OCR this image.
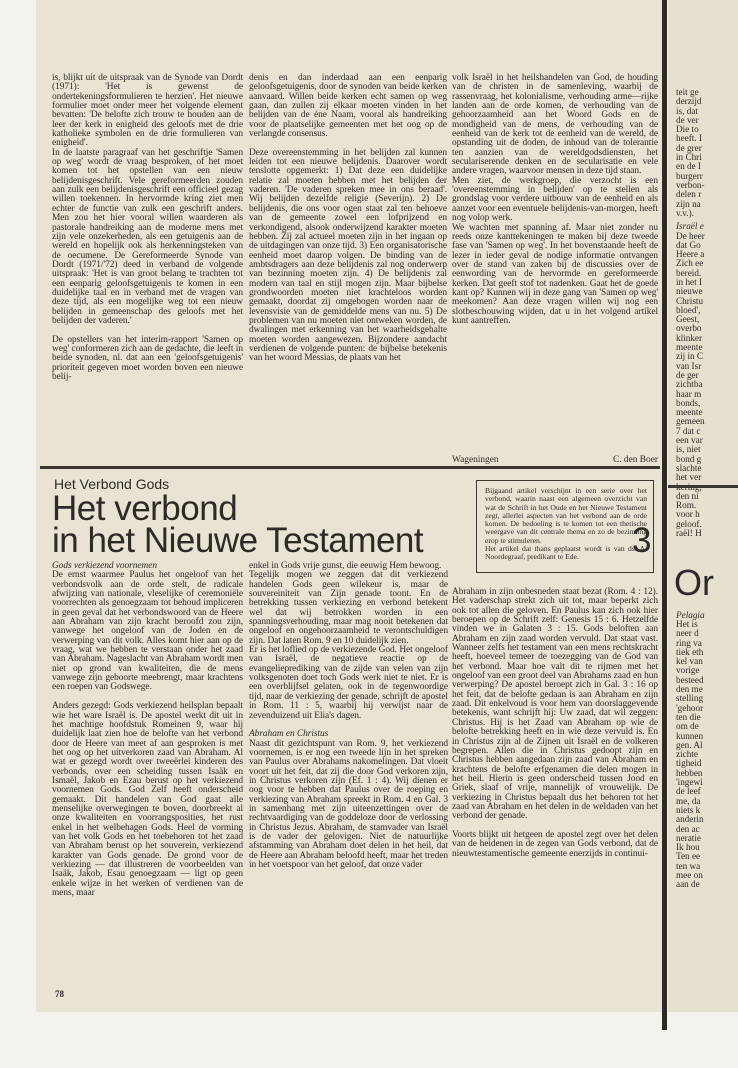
is, blijkt uit de uitspraak van de Synode van Dordt (1971): 'Het is gewenst de ondertekeningsformulieren te herzien'. Het nieuwe formulier moet onder meer het volgende element bevatten: 'De belofte zich trouw te houden aan de leer der kerk in enigheid des geloofs met de drie katholieke symbolen en de drie formulieren van enigheid'.

In de laatste paragraaf van het geschriftje 'Samen op weg' wordt de vraag besproken, of het moet komen tot het opstellen van een nieuw belijdenisgeschrift. Vele gereformeerden zouden aan zulk een belijdenisgeschrift een officieel gezag willen toekennen. In hervormde kring ziet men echter de functie van zulk een geschrift anders. Men zou het hier vooral willen waarderen als pastorale handreiking aan de moderne mens met zijn vele onzekerheden, als een getuigenis aan de wereld en hopelijk ook als herkenningsteken van de oecumene. De Gereformeerde Synode van Dordt (1971/'72) deed in verband de volgende uitspraak: 'Het is van groot belang te trachten tot een eenparig geloofsgetuigenis te komen in een duidelijke taal en in verband met de vragen van deze tijd, als een mogelijke weg tot een nieuw belijden in gemeenschap des geloofs met het belijden der vaderen.'

De opstellers van het interim-rapport 'Samen op weg' conformeren zich aan de gedachte, die leeft in beide synoden, nl. dat aan een 'geloofsgetuigenis' prioriteit gegeven moet worden boven een nieuwe belij-

denis en dan inderdaad aan een eenparig geloofsgetuigenis, door de synoden van beide kerken aanvaard. Willen beide kerken echt samen op weg gaan, dan zullen zij elkaar moeten vinden in het belijden van de éne Naam, vooral als handreiking voor de plaatselijke gemeenten met het oog op de verlangde consensus.

Deze overeenstemming in het belijden zal kunnen leiden tot een nieuwe belijdenis. Daarover wordt tenslotte opgemerkt: 1) Dat deze een duidelijke relatie zal moeten hebben met het belijden der vaderen. 'De vaderen spreken mee in ons beraad'. Wij belijden dezelfde religie (Severijn). 2) De belijdenis, die ons voor ogen staat zal ten behoeve van de gemeente zowel een lofprijzend en verkondigend, alsook onderwijzend karakter moeten hebben. Zij zal actueel moeten zijn in het ingaan op de uitdagingen van onze tijd. 3) Een organisatorische eenheid moet daarop volgen. De binding van de ambtsdragers aan deze belijdenis zal nog onderwerp van bezinning moeten zijn. 4) De belijdenis zal modern van taal en stijl mogen zijn. Maar bijbelse grondwoorden moeten niet krachteloos worden gemaakt, doordat zij omgebogen worden naar de levensvisie van de gemiddelde mens van nu. 5) De problemen van nu moeten niet ontweken worden, de dwalingen met erkenning van het waarheidsgehalte moeten worden aangewezen. Bijzondere aandacht verdienen de volgende punten: de bijbelse betekenis van het woord Messias, de plaats van het

volk Israël in het heilshandelen van God, de houding van de christen in de samenleving, waarbij de rassenvraag, het kolonialisme, verhouding arme—rijke landen aan de orde komen, de verhouding van de gehoorzaamheid aan het Woord Gods en de mondigheid van de mens, de verhouding van de eenheid van de kerk tot de eenheid van de wereld, de opstanding uit de doden, de inhoud van de tolerantie ten aanzien van de wereldgodsdiensten, het seculariserende denken en de secularisatie en vele andere vragen, waarvoor mensen in deze tijd staan.

Men ziet, de werkgroep, die verzocht is een 'overeenstemming in belijden' op te stellen als grondslag voor verdere uitbouw van de eenheid en als aanzet voor een eventuele belijdenis-van-morgen, heeft nog volop werk.

We wachten met spanning af. Maar niet zonder nu reeds onze kanttekeningen te maken bij deze tweede fase van 'Samen op weg'. In het bovenstaande heeft de lezer in ieder geval de nodige informatie ontvangen over de stand van zaken bij de discussies over de eenwording van de hervormde en gereformeerde kerken. Dat geeft stof tot nadenken. Gaat het de goede kant op? Kunnen wij in deze gang van 'Samen op weg' meekomen? Aan deze vragen willen wij nog een slotbeschouwing wijden, dat u in het volgend artikel kunt aantreffen.

Wageningen	C. den Boer
Het Verbond Gods
Het verbond
in het Nieuwe Testament	3

Bijgaand artikel verschijnt in een serie over het verbond, waarin naast een algemeen overzicht van wat de Schrift in het Oude en het Nieuwe Testament zegt, allerlei aspecten van het verbond aan de orde komen. De bedoeling is te komen tot een thetische weergave van dit centrale thema en zo de bezinning erop te stimuleren.

Het artikel dat thans geplaatst wordt is van ds. A. Noordegraaf, predikant te Ede.

Gods verkiezend voornemen

De ernst waarmee Paulus het ongeloof van het verbondsvolk aan de orde stelt, de radicale afwijzing van nationale, vleselijke of ceremoniële voorrechten als genoegzaam tot behoud impliceren in geen geval dat het verbondswoord van de Heere aan Abraham van zijn kracht beroofd zou zijn, vanwege het ongeloof van de Joden en de verwerping van dit volk. Alles komt hier aan op de vraag, wat we hebben te verstaan onder het zaad van Abraham. Nageslacht van Abraham wordt men niet op grond van kwaliteiten, die de mens vanwege zijn geboorte meebrengt, maar krachtens een roepen van Godswege.

Anders gezegd: Gods verkiezend heilsplan bepaalt wie het ware Israël is. De apostel werkt dit uit in het machtige hoofdstuk Romeinen 9, waar hij duidelijk laat zien hoe de belofte van het verbond door de Heere van meet af aan gesproken is met het oog op het uitverkoren zaad van Abraham. Al wat er gezegd wordt over tweeërlei kinderen des verbonds, over een scheiding tussen Isaäk en Ismaël, Jakob en Ezau berust op het verkiezend voornemen Gods. God Zelf heeft onderscheid gemaakt. Dit handelen van God gaat alle menselijke overwegingen te boven, doorbreekt al onze kwaliteiten en voorrangsposities, het rust enkel in het welbehagen Gods. Heel de vorming van het volk Gods en het toebehoren tot het zaad van Abraham berust op het souverein, verkiezend karakter van Gods genade. De grond voor de verkiezing — dat illustreren de voorbeelden van Isaäk, Jakob, Esau genoegzaam — ligt op geen enkele wijze in het werken of verdienen van de mens, maar

enkel in Gods vrije gunst, die eeuwig Hem bewoog.

Tegelijk mogen we zeggen dat dit verkiezend handelen Gods geen wilekeur is, maar de souvereiniteit van Zijn genade toont. En de betrekking tussen verkiezing en verbond betekent wel dat wij betrokken worden in een spanningsverhouding, maar mag nooit betekenen dat ongeloof en ongehoorzaamheid te verontschuldigen zijn. Dat laten Rom. 9 en 10 duidelijk zien.

Er is het loflied op de verkiezende God. Het ongeloof van Israël, de negatieve reactie op de evangelieprediking van de zijde van velen van zijn volksgenoten doet toch Gods werk niet te niet. Er is een overblijfsel gelaten, ook in de tegenwoordige tijd, naar de verkiezing der genade, schrijft de apostel in Rom. 11 : 5, waarbij hij verwijst naar de zevenduizend uit Elia's dagen.

Abraham en Christus

Naast dit gezichtspunt van Rom. 9, het verkiezend voornemen, is er nog een tweede lijn in het spreken van Paulus over Abrahams nakomelingen. Dat vloeit voort uit het feit, dat zij die door God verkoren zijn, in Christus verkoren zijn (Ef. 1 : 4). Wij dienen er oog voor te hebben dat Paulus over de roeping en verkiezing van Abraham spreekt in Rom. 4 en Gal. 3 in samenhang met zijn uiteenzettingen over de rechtvaardiging van de goddeloze door de verlossing in Christus Jezus. Abraham, de stamvader van Israël is de vader der gelovigen. Niet de natuurlijke afstamming van Abraham doet delen in het heil, dat de Heere aan Abraham beloofd heeft, maar het treden in het voetspoor van het geloof, dat onze vader

Abraham in zijn onbesneden staat bezat (Rom. 4 : 12). Het vaderschap strekt zich uit tot, maar beperkt zich ook tot allen die geloven. En Paulus kan zich ook hier beroepen op de Schrift zelf: Genesis 15 : 6. Hetzelfde vinden we in Galaten 3 : 15. Gods beloften aan Abraham en zijn zaad worden vervuld. Dat staat vast. Wanneer zelfs het testament van een mens rechtskracht heeft, hoeveel temeer de toezegging van de God van het verbond. Maar hoe valt dit te rijmen met het ongeloof van een groot deel van Abrahams zaad en hun verwerping? De apostel beroept zich in Gal. 3 : 16 op het feit, dat de belofte gedaan is aan Abraham en zijn zaad. Dit enkelvoud is voor hem van doorslaggevende betekenis, want schrijft hij: Uw zaad, dat wil zeggen: Christus. Hij is het Zaad van Abraham op wie de belofte betrekking heeft en in wie deze vervuld is. En in Christus zijn al de Zijnen uit Israël en de volkeren begrepen. Allen die in Christus gedoopt zijn en Christus hebben aangedaan zijn zaad van Abraham en krachtens de belofte erfgenamen die delen mogen in het heil. Hierin is geen onderscheid tussen Jood en Griek, slaaf of vrije, mannelijk of vrouwelijk. De verkiezing in Christus bepaalt dus het behoren tot het zaad van Abraham en het delen in de weldaden van het verbond der genade.

Voorts blijkt uit hetgeen de apostel zegt over het delen van de heidenen in de zegen van Gods verbond, dat de nieuwtestamentische gemeente enerzijds in continui-

78
teit ge
derzijd
is, dat
de ver
Die to
heeft. I
de grer
in Chri
en de I
burgerr
verbon-
delen r
zijn na
v.v.).
Israël e
De heer
dat Go
Heere a
Zich ee
bereid.
in het I
nieuwe
Christu
bloed',
Geest,
overbo
klinker
meente
zij in C
van Isr
de ger
zichtba
haar m
bonds,
meente
gemeen
7 dat c
een var
is, niet
bond g
slachte
het ver
den ni
Rom.
voor h
geloof.
raël! H
Or
Pelagia
Het is
neer d
ring va
tiek eth
kel van
vorige
besteed
den me
stelling
'gehoor
ten die
om de
kunnen
gen. Al
zichte
tigheid
hebben
'ingewi
de leef
me, da
niets k
anderin
den ac
neratie
Ik hou
Ten ee
ten wa
mee on
aan de
